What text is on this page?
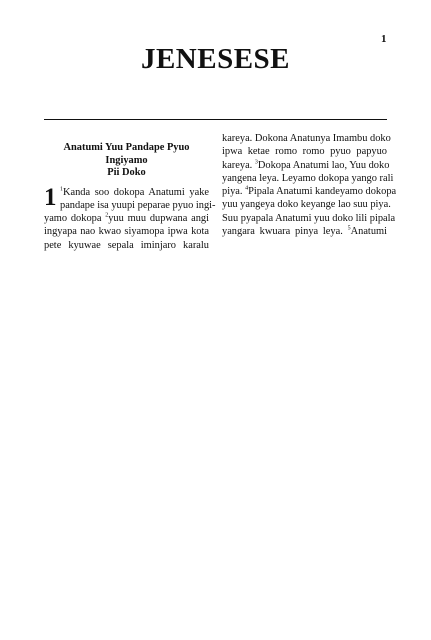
1
JENESESE
Anatumi Yuu Pandape Pyuo Ingiyamo
Pii Doko
1 $^1$Kanda soo dokopa Anatumi yake
pandape isa yuupi peparae pyuo ingi-
yamo dokopa $^2$yuu muu dupwana angi
ingyapa nao kwao siyamopa ipwa kota
pete kyuwae sepala iminjaro karalu
kareya. Dokona Anatunya Imambu doko
ipwa ketae romo romo pyuo papyuo
kareya. $^3$Dokopa Anatumi lao, Yuu doko
yangena leya. Leyamo dokopa yango rali
piya. $^4$Pipala Anatumi kandeyamo dokopa
yuu yangeya doko keyange lao suu piya.
Suu pyapala Anatumi yuu doko lili pipala
yangara kwuara pinya leya. $^5$Anatumi
